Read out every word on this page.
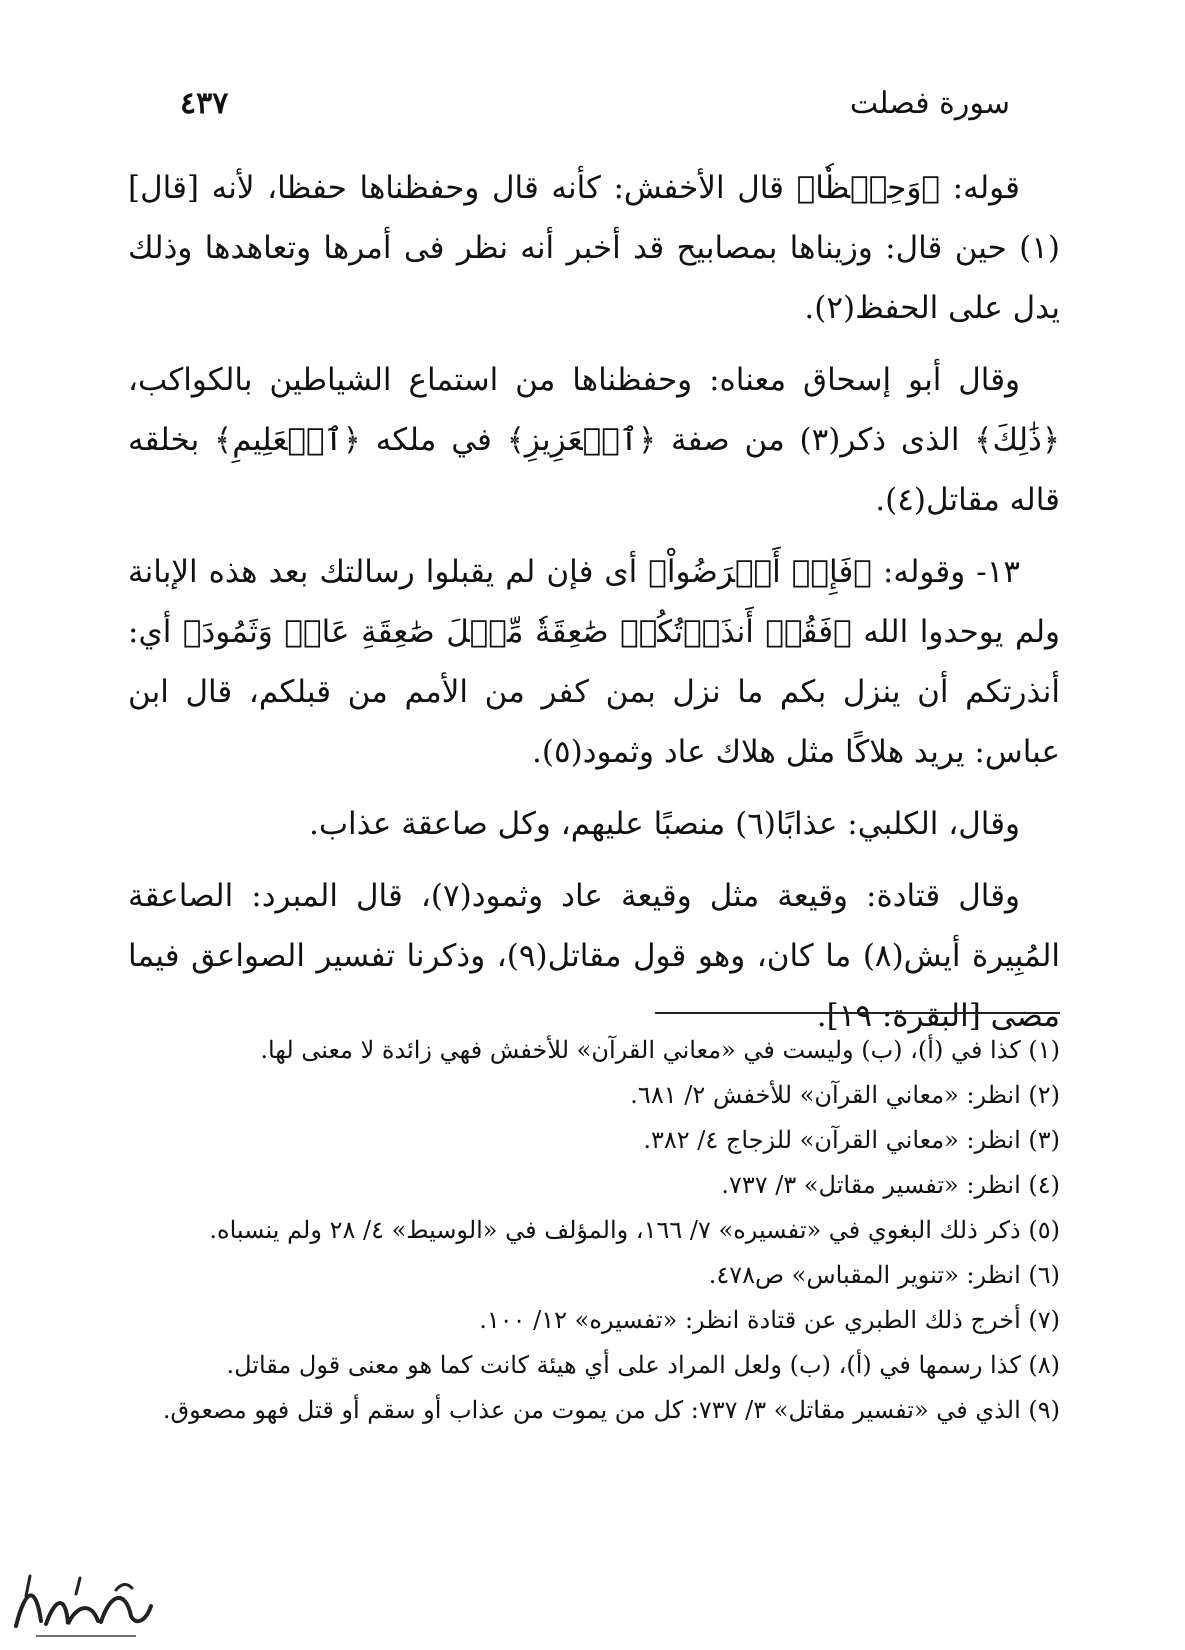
سورة فصلت
٤٣٧

قوله: ﴿وَحِفۡظٗا﴾ قال الأخفش: كأنه قال وحفظناها حفظا، لأنه [قال](١) حين قال: وزيناها بمصابيح قد أخبر أنه نظر فى أمرها وتعاهدها وذلك يدل على الحفظ(٢).

وقال أبو إسحاق معناه: وحفظناها من استماع الشياطين بالكواكب، ﴿ذَٰلِكَ﴾ الذى ذكر(٣) من صفة ﴿ٱلۡعَزِيزِ﴾ في ملكه ﴿ٱلۡعَلِيمِ﴾ بخلقه قاله مقاتل(٤).

١٣- وقوله: ﴿فَإِنۡ أَعۡرَضُواْ﴾ أى فإن لم يقبلوا رسالتك بعد هذه الإبانة ولم يوحدوا الله ﴿فَقُلۡ أَنذَرۡتُكُمۡ صَٰعِقَةٗ مِّثۡلَ صَٰعِقَةِ عَادٖ وَثَمُودَ﴾ أي: أنذرتكم أن ينزل بكم ما نزل بمن كفر من الأمم من قبلكم، قال ابن عباس: يريد هلاكًا مثل هلاك عاد وثمود(٥).

وقال، الكلبي: عذابًا(٦) منصبًا عليهم، وكل صاعقة عذاب.

وقال قتادة: وقيعة مثل وقيعة عاد وثمود(٧)، قال المبرد: الصاعقة المُبِيرة أيش(٨) ما كان، وهو قول مقاتل(٩)، وذكرنا تفسير الصواعق فيما مضى [البقرة: ١٩].

(١) كذا في (أ)، (ب) وليست في «معاني القرآن» للأخفش فهي زائدة لا معنى لها.

(٢) انظر: «معاني القرآن» للأخفش ٢/ ٦٨١.

(٣) انظر: «معاني القرآن» للزجاج ٤/ ٣٨٢.

(٤) انظر: «تفسير مقاتل» ٣/ ٧٣٧.

(٥) ذكر ذلك البغوي في «تفسيره» ٧/ ١٦٦، والمؤلف في «الوسيط» ٤/ ٢٨ ولم ينسباه.

(٦) انظر: «تنوير المقباس» ص٤٧٨.

(٧) أخرج ذلك الطبري عن قتادة انظر: «تفسيره» ١٢/ ١٠٠.

(٨) كذا رسمها في (أ)، (ب) ولعل المراد على أي هيئة كانت كما هو معنى قول مقاتل.

(٩) الذي في «تفسير مقاتل» ٣/ ٧٣٧: كل من يموت من عذاب أو سقم أو قتل فهو مصعوق.
